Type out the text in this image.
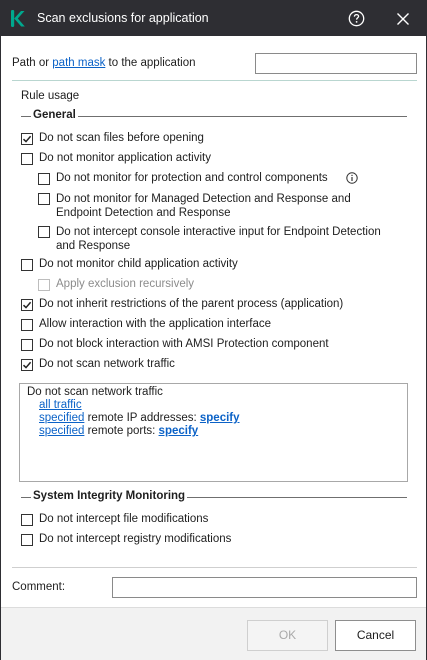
Scan exclusions for application
Path or path mask to the application
Rule usage
General
Do not scan files before opening
Do not monitor application activity
Do not monitor for protection and control components
Do not monitor for Managed Detection and Response and Endpoint Detection and Response
Do not intercept console interactive input for Endpoint Detection and Response
Do not monitor child application activity
Apply exclusion recursively
Do not inherit restrictions of the parent process (application)
Allow interaction with the application interface
Do not block interaction with AMSI Protection component
Do not scan network traffic
Do not scan network traffic
all traffic
specified remote IP addresses: specify
specified remote ports: specify
System Integrity Monitoring
Do not intercept file modifications
Do not intercept registry modifications
Comment:
OK	Cancel
